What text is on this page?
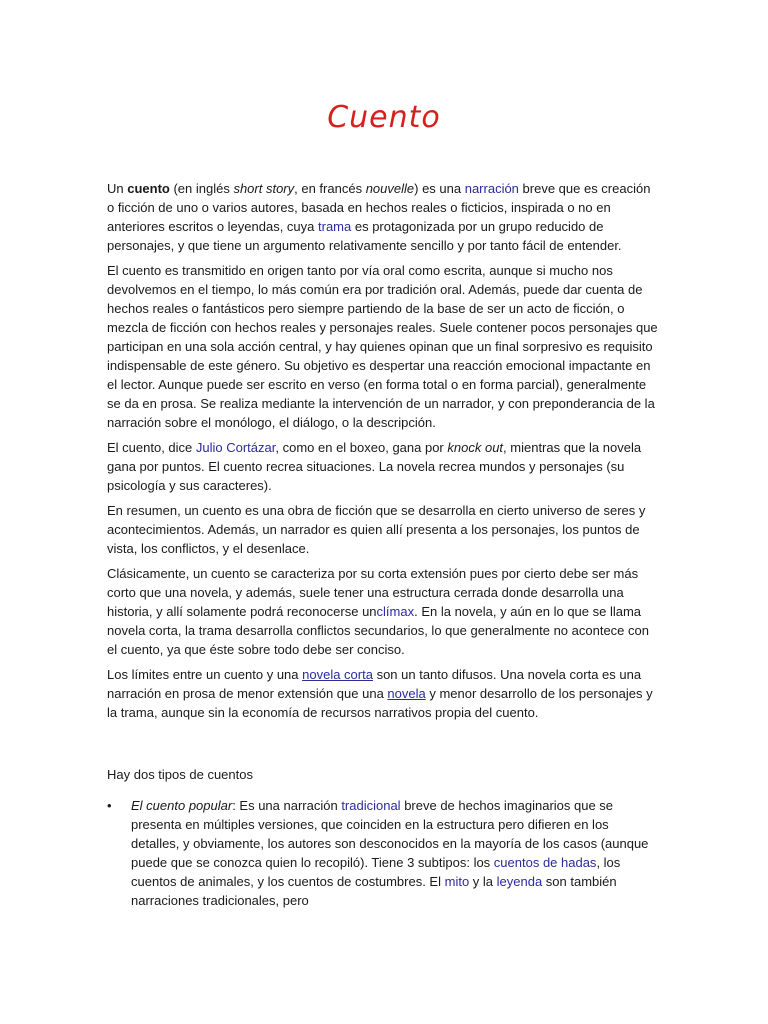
Cuento

Un cuento (en inglés short story, en francés nouvelle) es una narración breve que es creación o ficción de uno o varios autores, basada en hechos reales o ficticios, inspirada o no en anteriores escritos o leyendas, cuya trama es protagonizada por un grupo reducido de personajes, y que tiene un argumento relativamente sencillo y por tanto fácil de entender.

El cuento es transmitido en origen tanto por vía oral como escrita, aunque si mucho nos devolvemos en el tiempo, lo más común era por tradición oral. Además, puede dar cuenta de hechos reales o fantásticos pero siempre partiendo de la base de ser un acto de ficción, o mezcla de ficción con hechos reales y personajes reales. Suele contener pocos personajes que participan en una sola acción central, y hay quienes opinan que un final sorpresivo es requisito indispensable de este género. Su objetivo es despertar una reacción emocional impactante en el lector. Aunque puede ser escrito en verso (en forma total o en forma parcial), generalmente se da en prosa. Se realiza mediante la intervención de un narrador, y con preponderancia de la narración sobre el monólogo, el diálogo, o la descripción.

El cuento, dice Julio Cortázar, como en el boxeo, gana por knock out, mientras que la novela gana por puntos. El cuento recrea situaciones. La novela recrea mundos y personajes (su psicología y sus caracteres).

En resumen, un cuento es una obra de ficción que se desarrolla en cierto universo de seres y acontecimientos. Además, un narrador es quien allí presenta a los personajes, los puntos de vista, los conflictos, y el desenlace.

Clásicamente, un cuento se caracteriza por su corta extensión pues por cierto debe ser más corto que una novela, y además, suele tener una estructura cerrada donde desarrolla una historia, y allí solamente podrá reconocerse unclímax. En la novela, y aún en lo que se llama novela corta, la trama desarrolla conflictos secundarios, lo que generalmente no acontece con el cuento, ya que éste sobre todo debe ser conciso.

Los límites entre un cuento y una novela corta son un tanto difusos. Una novela corta es una narración en prosa de menor extensión que una novela y menor desarrollo de los personajes y la trama, aunque sin la economía de recursos narrativos propia del cuento.

Hay dos tipos de cuentos

• El cuento popular: Es una narración tradicional breve de hechos imaginarios que se presenta en múltiples versiones, que coinciden en la estructura pero difieren en los detalles, y obviamente, los autores son desconocidos en la mayoría de los casos (aunque puede que se conozca quien lo recopiló). Tiene 3 subtipos: los cuentos de hadas, los cuentos de animales, y los cuentos de costumbres. El mito y la leyenda son también narraciones tradicionales, pero
